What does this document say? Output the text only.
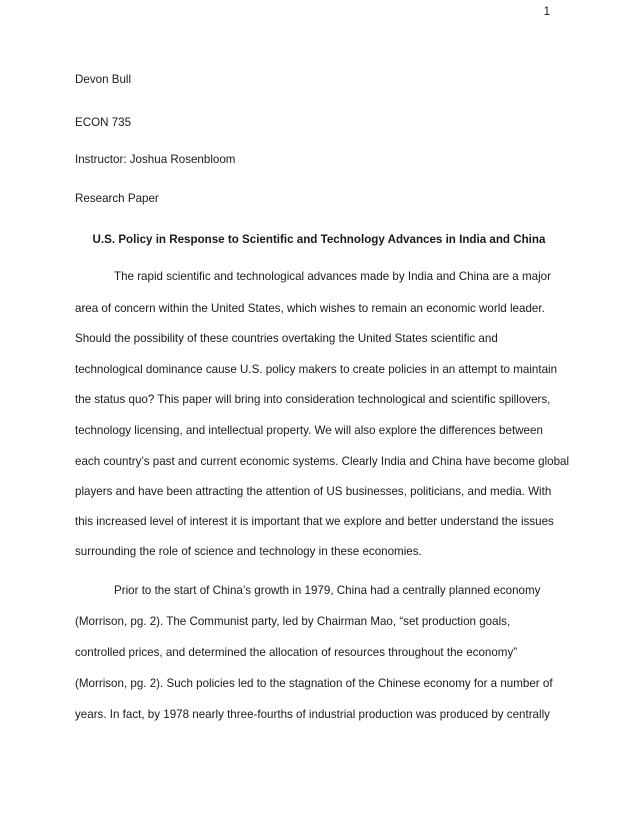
1
Devon Bull
ECON 735
Instructor: Joshua Rosenbloom
Research Paper
U.S. Policy in Response to Scientific and Technology Advances in India and China
The rapid scientific and technological advances made by India and China are a major
area of concern within the United States, which wishes to remain an economic world leader.
Should the possibility of these countries overtaking the United States scientific and
technological dominance cause U.S. policy makers to create policies in an attempt to maintain
the status quo? This paper will bring into consideration technological and scientific spillovers,
technology licensing, and intellectual property. We will also explore the differences between
each country’s past and current economic systems. Clearly India and China have become global
players and have been attracting the attention of US businesses, politicians, and media. With
this increased level of interest it is important that we explore and better understand the issues
surrounding the role of science and technology in these economies.
Prior to the start of China’s growth in 1979, China had a centrally planned economy
(Morrison, pg. 2). The Communist party, led by Chairman Mao, “set production goals,
controlled prices, and determined the allocation of resources throughout the economy”
(Morrison, pg. 2). Such policies led to the stagnation of the Chinese economy for a number of
years. In fact, by 1978 nearly three-fourths of industrial production was produced by centrally
